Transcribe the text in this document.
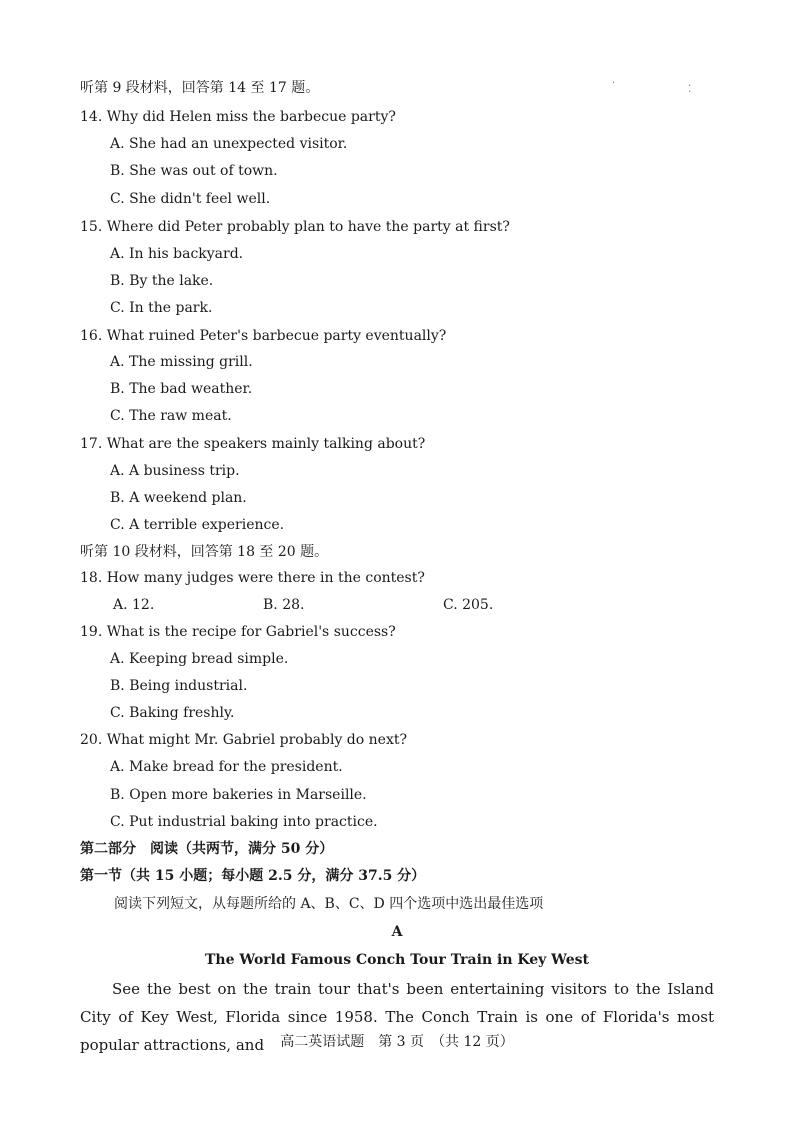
·
⁚
听第 9 段材料，回答第 14 至 17 题。
14. Why did Helen miss the barbecue party?
A. She had an unexpected visitor.
B. She was out of town.
C. She didn't feel well.
15. Where did Peter probably plan to have the party at first?
A. In his backyard.
B. By the lake.
C. In the park.
16. What ruined Peter's barbecue party eventually?
A. The missing grill.
B. The bad weather.
C. The raw meat.
17. What are the speakers mainly talking about?
A. A business trip.
B. A weekend plan.
C. A terrible experience.
听第 10 段材料，回答第 18 至 20 题。
18. How many judges were there in the contest?
A. 12.	B. 28.	C. 205.
19. What is the recipe for Gabriel's success?
A. Keeping bread simple.
B. Being industrial.
C. Baking freshly.
20. What might Mr. Gabriel probably do next?
A. Make bread for the president.
B. Open more bakeries in Marseille.
C. Put industrial baking into practice.
第二部分　阅读（共两节，满分 50 分）
第一节（共 15 小题；每小题 2.5 分，满分 37.5 分）
阅读下列短文，从每题所给的 A、B、C、D 四个选项中选出最佳选项
A
The World Famous Conch Tour Train in Key West
See the best on the train tour that's been entertaining visitors to the Island City of Key West, Florida since 1958. The Conch Train is one of Florida's most popular attractions, and	高二英语试题　第 3 页　（共 12 页）
